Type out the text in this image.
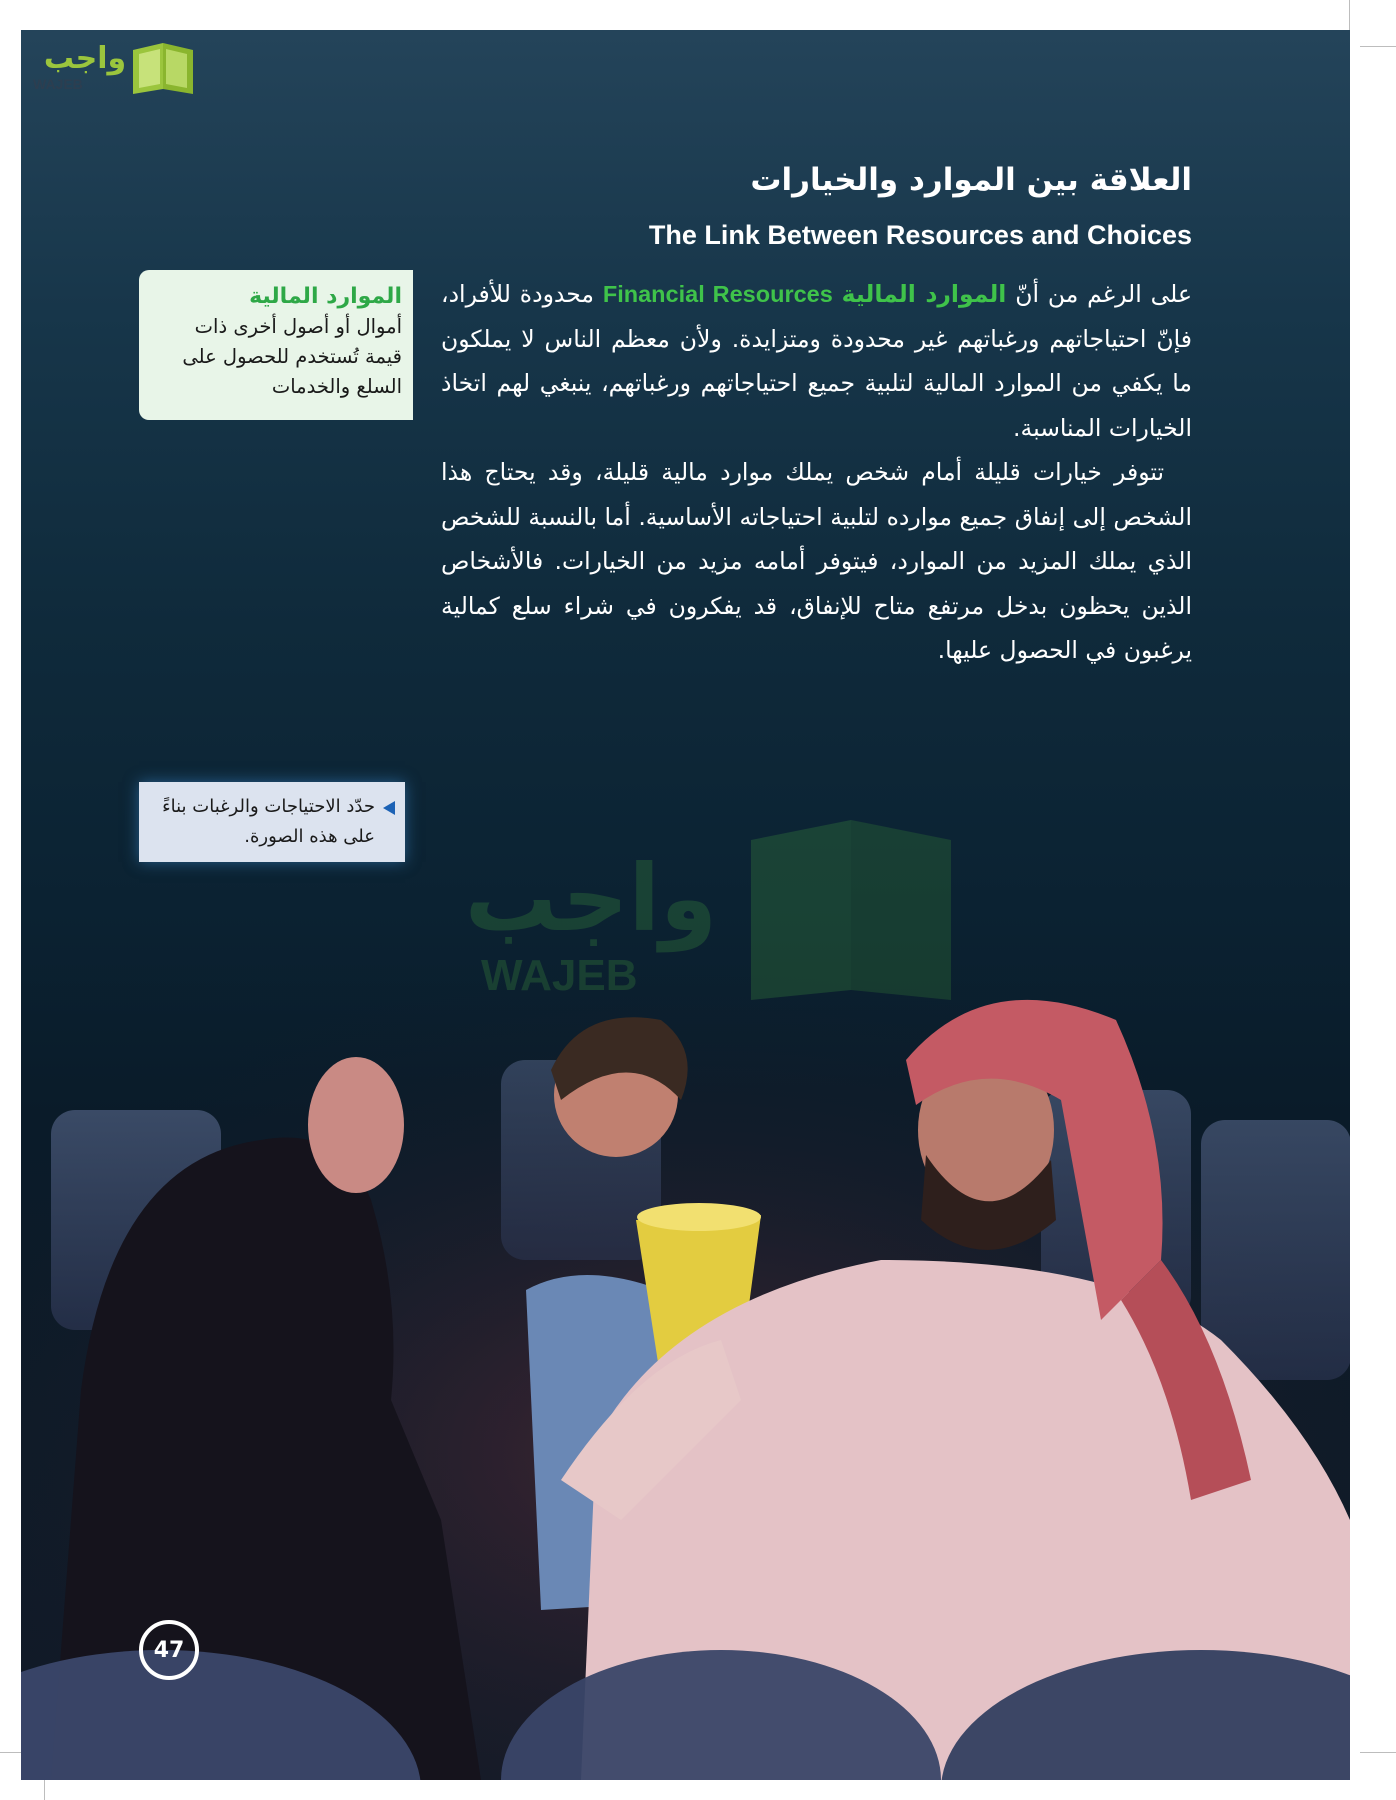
واجب
WAJEB
العلاقة بين الموارد والخيارات
The Link Between Resources and Choices

على الرغم من أنّ الموارد المالية Financial Resources محدودة للأفراد، فإنّ احتياجاتهم ورغباتهم غير محدودة ومتزايدة. ولأن معظم الناس لا يملكون ما يكفي من الموارد المالية لتلبية جميع احتياجاتهم ورغباتهم، ينبغي لهم اتخاذ الخيارات المناسبة.

تتوفر خيارات قليلة أمام شخص يملك موارد مالية قليلة، وقد يحتاج هذا الشخص إلى إنفاق جميع موارده لتلبية احتياجاته الأساسية. أما بالنسبة للشخص الذي يملك المزيد من الموارد، فيتوفر أمامه مزيد من الخيارات. فالأشخاص الذين يحظون بدخل مرتفع متاح للإنفاق، قد يفكرون في شراء سلع كمالية يرغبون في الحصول عليها.

الموارد المالية
أموال أو أصول أخرى ذات قيمة تُستخدم للحصول على السلع والخدمات
حدّد الاحتياجات والرغبات بناءً على هذه الصورة.
واجب
47
